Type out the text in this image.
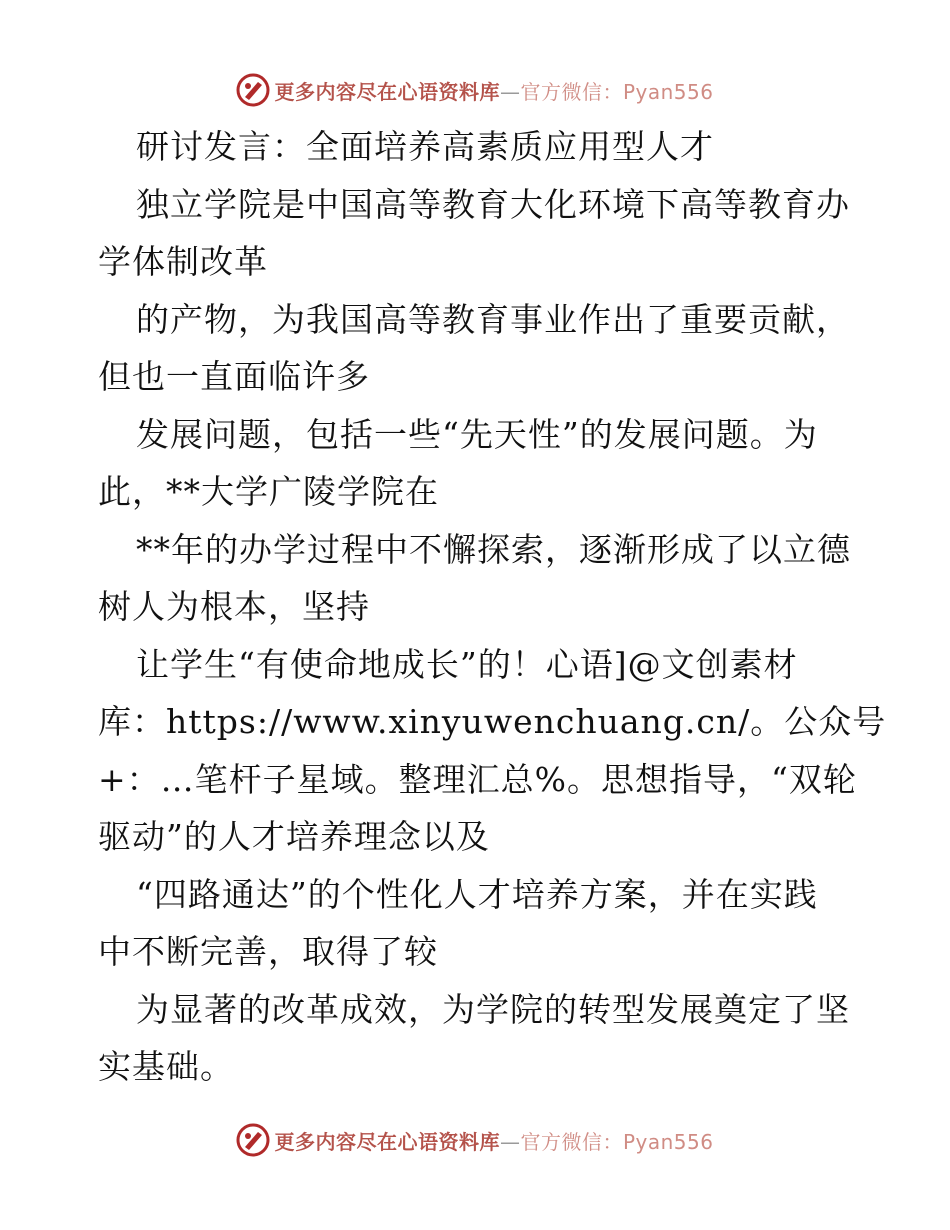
更多内容尽在心语资料库—官方微信：Pyan556
研讨发言：全面培养高素质应用型人才
独立学院是中国高等教育大化环境下高等教育办
学体制改革
的产物，为我国高等教育事业作出了重要贡献，
但也一直面临许多
发展问题，包括一些“先天性”的发展问题。为
此，**大学广陵学院在
**年的办学过程中不懈探索，逐渐形成了以立德
树人为根本，坚持
让学生“有使命地成长”的！心语]@文创素材
库：https://www.xinyuwenchuang.cn/。公众号
+：…笔杆子星域。整理汇总%。思想指导，“双轮
驱动”的人才培养理念以及
“四路通达”的个性化人才培养方案，并在实践
中不断完善，取得了较
为显著的改革成效，为学院的转型发展奠定了坚
实基础。
更多内容尽在心语资料库—官方微信：Pyan556
